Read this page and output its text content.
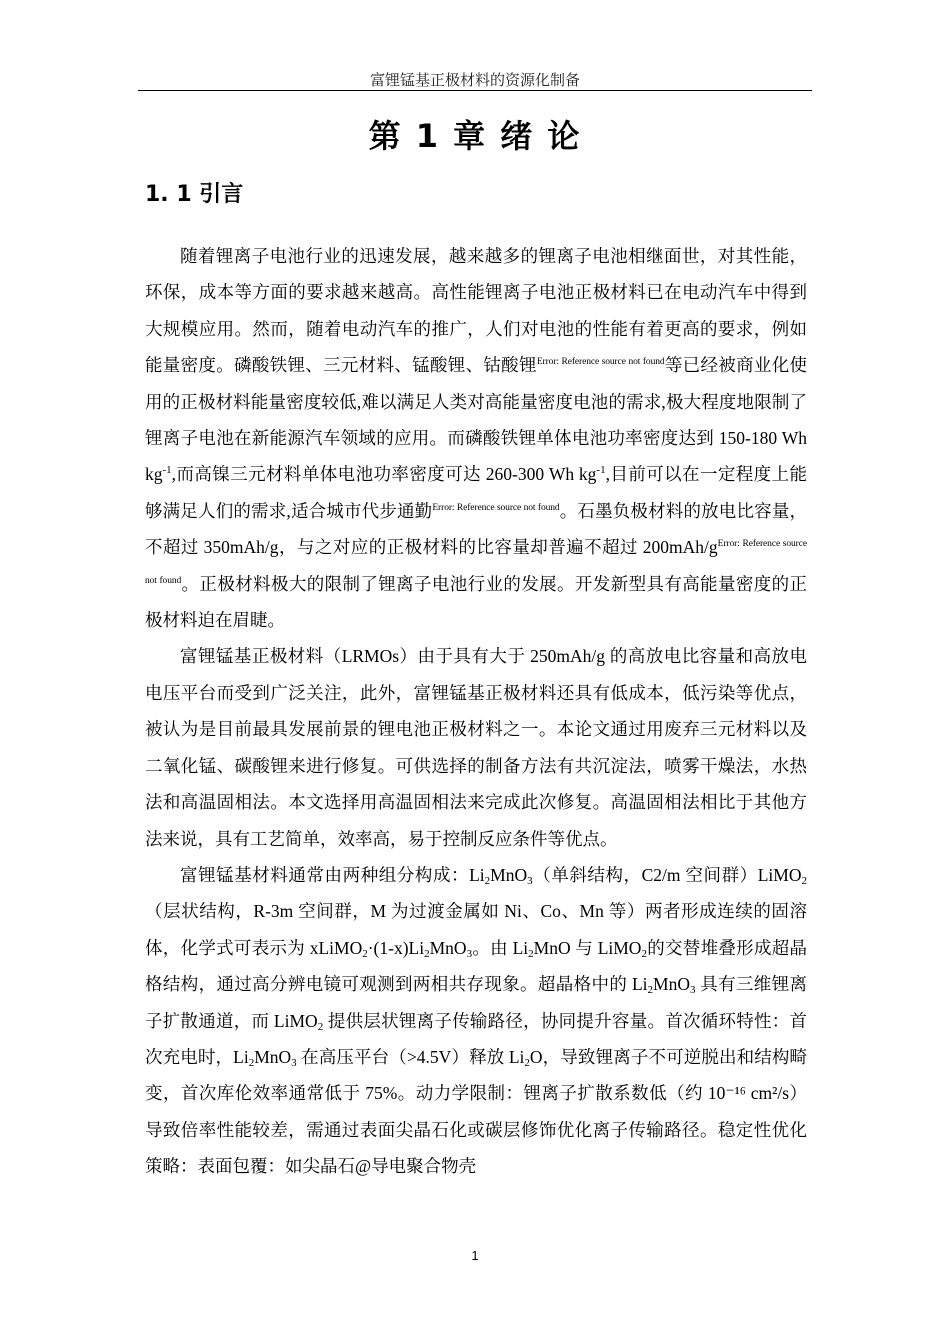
富锂锰基正极材料的资源化制备
第 1 章 绪 论
1. 1 引言

随着锂离子电池行业的迅速发展，越来越多的锂离子电池相继面世，对其性能，环保，成本等方面的要求越来越高。高性能锂离子电池正极材料已在电动汽车中得到大规模应用。然而，随着电动汽车的推广，人们对电池的性能有着更高的要求，例如能量密度。磷酸铁锂、三元材料、锰酸锂、钴酸锂$^{Error: Reference source not found}$等已经被商业化使用的正极材料能量密度较低,难以满足人类对高能量密度电池的需求,极大程度地限制了锂离子电池在新能源汽车领域的应用。而磷酸铁锂单体电池功率密度达到 150-180 Wh $kg^{-1}$,而高镍三元材料单体电池功率密度可达 260-300 Wh $kg^{-1}$,目前可以在一定程度上能够满足人们的需求,适合城市代步通勤$^{Error: Reference source not found}$。石墨负极材料的放电比容量，不超过 350mAh/g，与之对应的正极材料的比容量却普遍不超过 200mAh/g$^{Error: Reference source not found}$。正极材料极大的限制了锂离子电池行业的发展。开发新型具有高能量密度的正极材料迫在眉睫。

富锂锰基正极材料（LRMOs）由于具有大于 250mAh/g 的高放电比容量和高放电电压平台而受到广泛关注，此外，富锂锰基正极材料还具有低成本，低污染等优点，被认为是目前最具发展前景的锂电池正极材料之一。本论文通过用废弃三元材料以及二氧化锰、碳酸锂来进行修复。可供选择的制备方法有共沉淀法，喷雾干燥法，水热法和高温固相法。本文选择用高温固相法来完成此次修复。高温固相法相比于其他方法来说，具有工艺简单，效率高，易于控制反应条件等优点。

富锂锰基材料通常由两种组分构成：$Li_2MnO_3$（单斜结构，C2/m 空间群）LiMO$_2$（层状结构，R-3m 空间群，M 为过渡金属如 Ni、Co、Mn 等）两者形成连续的固溶体，化学式可表示为 $xLiMO_2\cdot(1-x)Li_2MnO_3$。由 $Li_2MnO$ 与 LiMO$_2$的交替堆叠形成超晶格结构，通过高分辨电镜可观测到两相共存现象。超晶格中的 $Li_2MnO_3$ 具有三维锂离子扩散通道，而 LiMO$_2$ 提供层状锂离子传输路径，协同提升容量。首次循环特性：首次充电时，$Li_2MnO_3$ 在高压平台（>4.5V）释放 $Li_2O$，导致锂离子不可逆脱出和结构畸变，首次库伦效率通常低于 75%。动力学限制：锂离子扩散系数低（约 10⁻¹⁶ cm²/s）导致倍率性能较差，需通过表面尖晶石化或碳层修饰优化离子传输路径。稳定性优化策略：表面包覆：如尖晶石@导电聚合物壳

1
